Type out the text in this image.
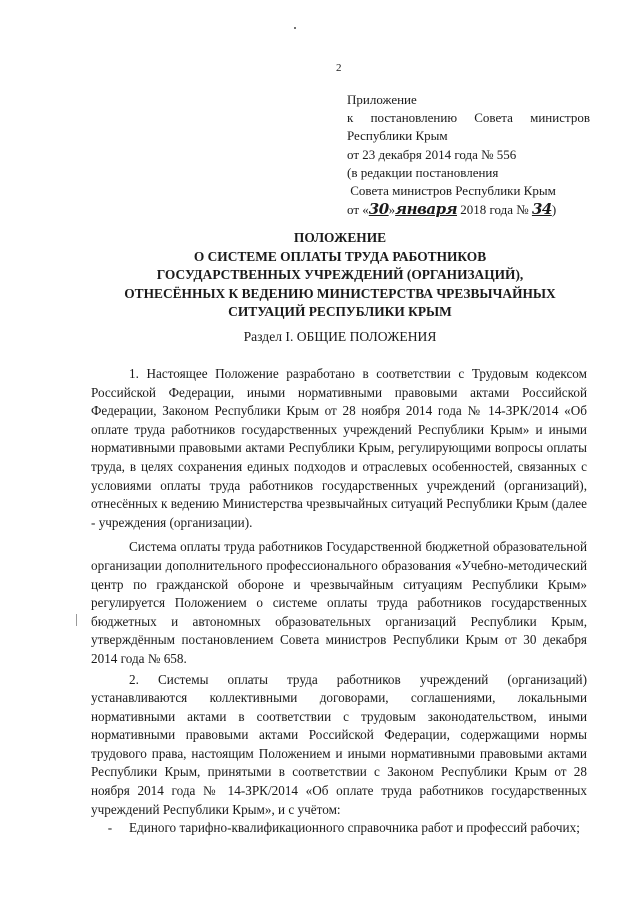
2
Приложение
к постановлению Совета министров
Республики Крым
от 23 декабря 2014 года № 556
(в редакции постановления
Совета министров Республики Крым
от «30»января 2018 года № 34)
ПОЛОЖЕНИЕ
О СИСТЕМЕ ОПЛАТЫ ТРУДА РАБОТНИКОВ
ГОСУДАРСТВЕННЫХ УЧРЕЖДЕНИЙ (ОРГАНИЗАЦИЙ),
ОТНЕСЁННЫХ К ВЕДЕНИЮ МИНИСТЕРСТВА ЧРЕЗВЫЧАЙНЫХ
СИТУАЦИЙ РЕСПУБЛИКИ КРЫМ
Раздел I. ОБЩИЕ ПОЛОЖЕНИЯ

1. Настоящее Положение разработано в соответствии с Трудовым кодексом Российской Федерации, иными нормативными правовыми актами Российской Федерации, Законом Республики Крым от 28 ноября 2014 года № 14-ЗРК/2014 «Об оплате труда работников государственных учреждений Республики Крым» и иными нормативными правовыми актами Республики Крым, регулирующими вопросы оплаты труда, в целях сохранения единых подходов и отраслевых особенностей, связанных с условиями оплаты труда работников государственных учреждений (организаций), отнесённых к ведению Министерства чрезвычайных ситуаций Республики Крым (далее - учреждения (организации).

Система оплаты труда работников Государственной бюджетной образовательной организации дополнительного профессионального образования «Учебно-методический центр по гражданской обороне и чрезвычайным ситуациям Республики Крым» регулируется Положением о системе оплаты труда работников государственных бюджетных и автономных образовательных организаций Республики Крым, утверждённым постановлением Совета министров Республики Крым от 30 декабря 2014 года № 658.

2. Системы оплаты труда работников учреждений (организаций) устанавливаются коллективными договорами, соглашениями, локальными нормативными актами в соответствии с трудовым законодательством, иными нормативными правовыми актами Российской Федерации, содержащими нормы трудового права, настоящим Положением и иными нормативными правовыми актами Республики Крым, принятыми в соответствии с Законом Республики Крым от 28 ноября 2014 года № 14-ЗРК/2014 «Об оплате труда работников государственных учреждений Республики Крым», и с учётом:

-	Единого тарифно-квалификационного справочника работ и профессий рабочих;
